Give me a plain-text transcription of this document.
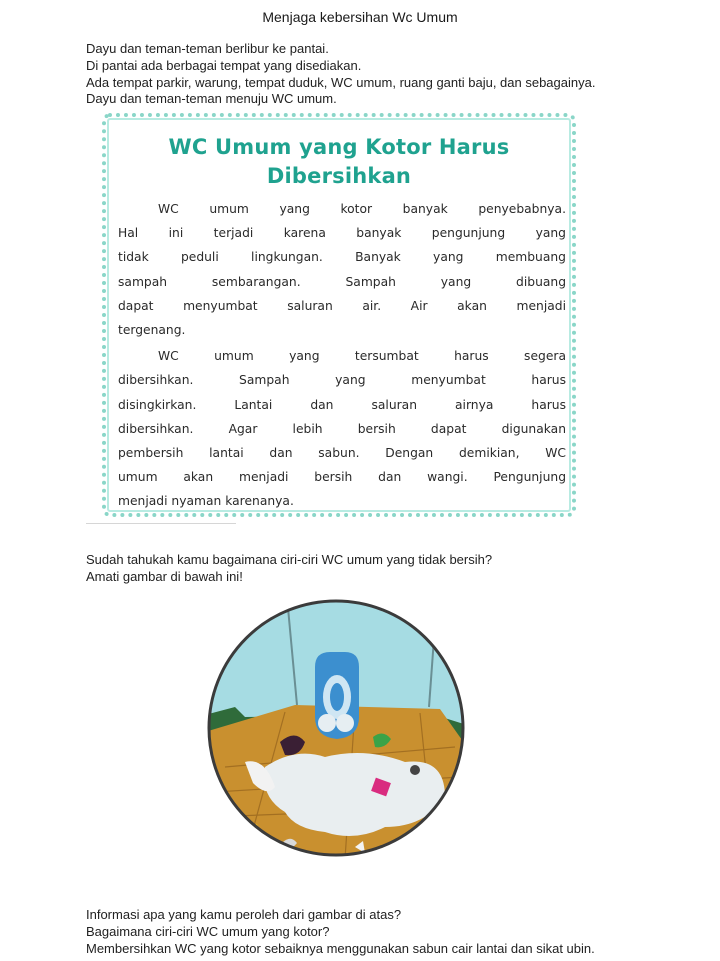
Menjaga kebersihan Wc Umum
Dayu dan teman-teman berlibur ke pantai.
Di pantai ada berbagai tempat yang disediakan.
Ada tempat parkir, warung, tempat duduk, WC umum, ruang ganti baju, dan sebagainya.
Dayu dan teman-teman menuju WC umum.
WC Umum yang Kotor Harus
Dibersihkan
WC umum yang kotor banyak penyebabnya.
Hal ini terjadi karena banyak pengunjung yang
tidak peduli lingkungan. Banyak yang membuang
sampah sembarangan. Sampah yang dibuang
dapat menyumbat saluran air. Air akan menjadi
tergenang.
WC umum yang tersumbat harus segera
dibersihkan. Sampah yang menyumbat harus
disingkirkan. Lantai dan saluran airnya harus
dibersihkan. Agar lebih bersih dapat digunakan
pembersih lantai dan sabun. Dengan demikian, WC
umum akan menjadi bersih dan wangi. Pengunjung
menjadi nyaman karenanya.
Sudah tahukah kamu bagaimana ciri-ciri WC umum yang tidak bersih?
Amati gambar di bawah ini!
Informasi apa yang kamu peroleh dari gambar di atas?
Bagaimana ciri-ciri WC umum yang kotor?
Membersihkan WC yang kotor sebaiknya menggunakan sabun cair lantai dan sikat ubin.
